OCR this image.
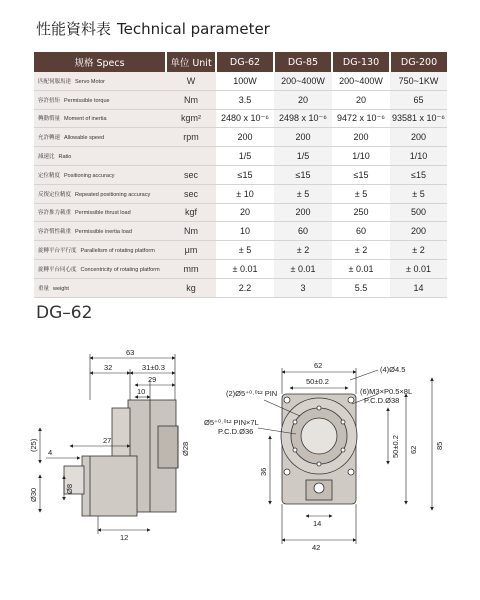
性能資料表 Technical parameter
规格 Specs	单位 Unit	DG-62	DG-85	DG-130	DG-200
匹配伺服馬達 Servo Motor	W	100W	200~400W	200~400W	750~1KW
容許扭矩 Permissible torque	Nm	3.5	20	20	65
轉動慣量 Moment of inertia	kgm²	2480 x 10⁻⁶	2498 x 10⁻⁶	9472 x 10⁻⁶	93581 x 10⁻⁶
允許轉速 Allowable speed	rpm	200	200	200	200
減速比 Ratio		1/5	1/5	1/10	1/10
定位精度 Positioning accuracy	sec	≤15	≤15	≤15	≤15
反復定位精度 Repeated positioning accuracy	sec	± 10	± 5	± 5	± 5
容許推力載重 Permissible thrust load	kgf	20	200	250	500
容許慣性載重 Permissible inertia load	Nm	10	60	60	200
旋轉平台平行度 Parallelism of rotating platform	μm	± 5	± 2	± 2	± 2
旋轉平台同心度 Concentricity of rotating platform	mm	± 0.01	± 0.01	± 0.01	± 0.01
重量 weight	kg	2.2	3	5.5	14
DG–62
63
32	31±0.3
29
10
(25)	27
4	Ø28
Ø30	Ø8
12
62
50±0.2
(4)Ø4.5
(2)Ø5⁺⁰·⁰¹² PIN	(6)M3×P0.5×8L
P.C.D.Ø38
Ø5⁺⁰·⁰¹² PIN×7L
P.C.D.Ø36
50±0.2 62 85
36
14
42
